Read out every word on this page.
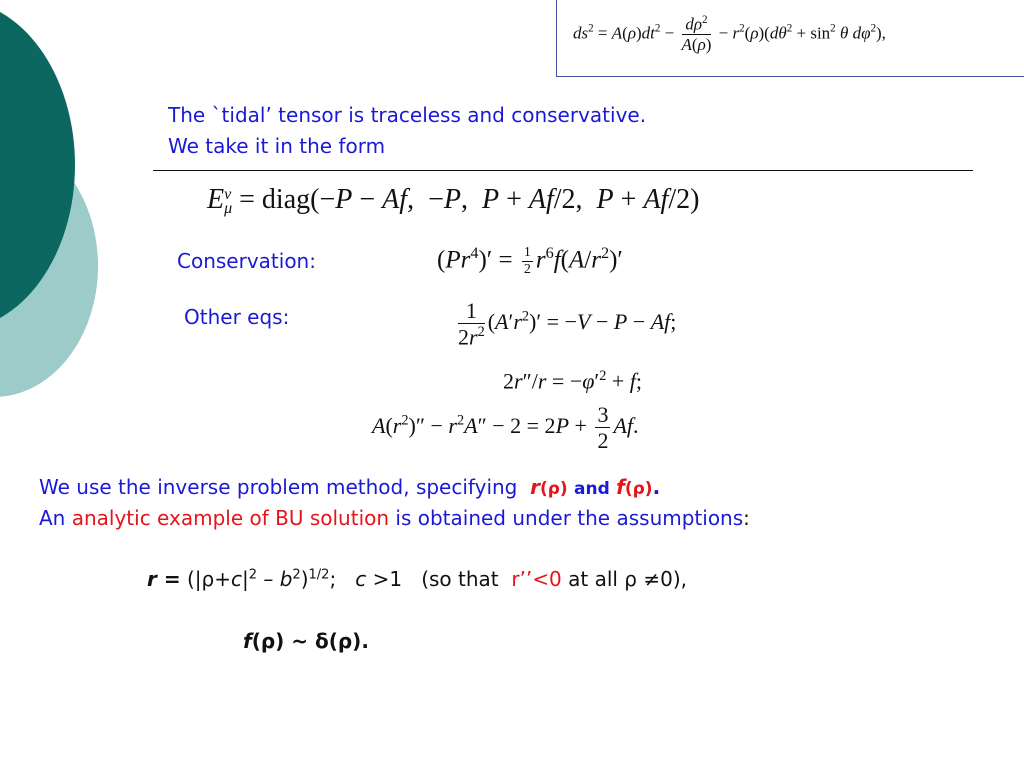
$ds^2 = A(\rho)dt^2 - \frac{d\rho^2}{A(\rho)} - r^2(\rho)(d\theta^2 + \sin^2 \theta$ $d\varphi^2$),
The `tidal’ tensor is traceless and conservative.
We take it in the form
E ν
μ = diag(−P − Af,  −P,  P + Af/2,  P + Af/2)
Conservation:	$(Pr^4)' = \frac{1}{2} r^6f(A/r^2)'$
Other eqs:	$\frac{1}{2r^2} (A'r^2)' = -V - P - Af$;
$2r''/r = -\varphi'^2 + f$;
$A(r^2)'' - r^2A'' - 2 = 2P + \frac{3}{2} Af$.
We use the inverse problem method, specifying r(ρ) and f(ρ).
An analytic example of BU solution is obtained under the assumptions:
$r = (|\rho+c|^2 - b^2)^{1/2}$; c >1 (so that r’’<0 at all ρ ≠0),
f(ρ) ~ δ(ρ).
